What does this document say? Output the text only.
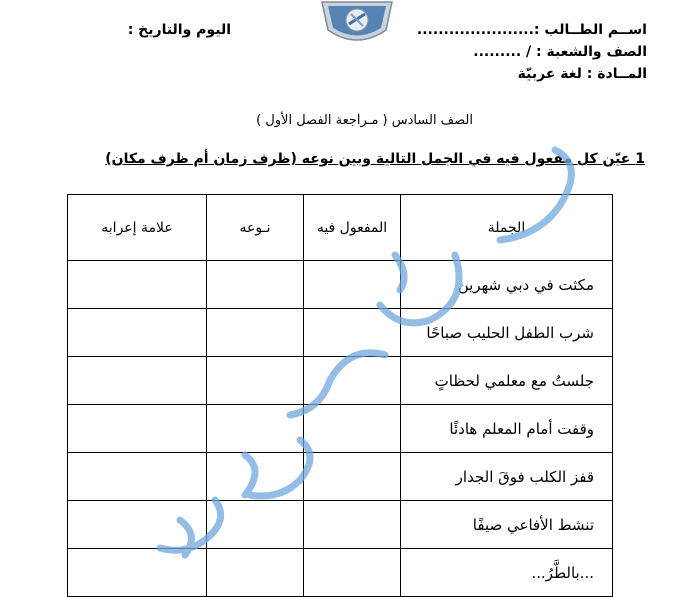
اســم الطــالب :......................
الصف والشعبة : / .........
المــادة : لغة عربيّة
اليوم والتاريخ :
الصف السادس ( مـراجعة الفصل الأول )
1 عيّن كل مفعول فيه في الجمل التالية وبين نوعه (ظرف زمان أم ظرف مكان)
الجملة	المفعول فيه	نـوعه	علامة إعرابه
مكثت في دبي شهرين			
شرب الطفل الحليب صباحًا			
جلستُ مع معلمي لحظاتٍ			
وقفت أمام المعلم هادئًا			
قفز الكلب فوقَ الجدار			
تنشط الأفاعي صيفًا			
...بالطَّرُ...			
